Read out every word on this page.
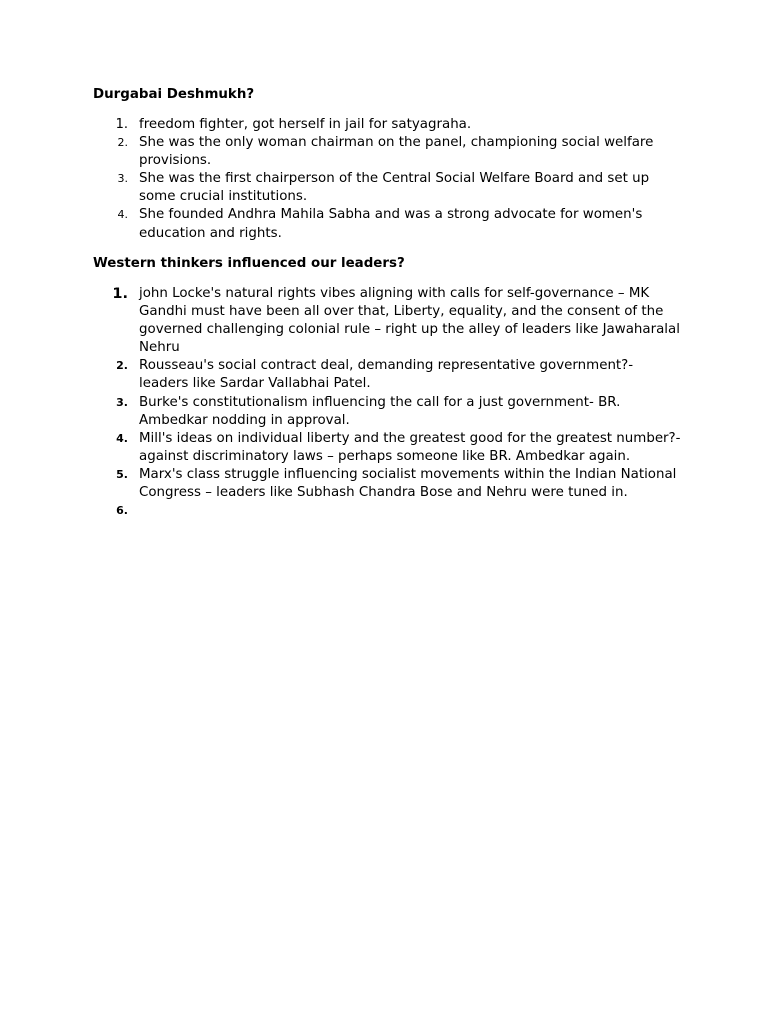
Durgabai Deshmukh?
1. freedom fighter, got herself in jail for satyagraha.
2. She was the only woman chairman on the panel, championing social welfare provisions.
3. She was the first chairperson of the Central Social Welfare Board and set up some crucial institutions.
4. She founded Andhra Mahila Sabha and was a strong advocate for women's education and rights.
Western thinkers influenced our leaders?
1. john Locke's natural rights vibes aligning with calls for self-governance – MK Gandhi must have been all over that, Liberty, equality, and the consent of the governed challenging colonial rule – right up the alley of leaders like Jawaharalal Nehru
2. Rousseau's social contract deal, demanding representative government?- leaders like Sardar Vallabhai Patel.
3. Burke's constitutionalism influencing the call for a just government- BR. Ambedkar nodding in approval.
4. Mill's ideas on individual liberty and the greatest good for the greatest number?- against discriminatory laws – perhaps someone like BR. Ambedkar again.
5. Marx's class struggle influencing socialist movements within the Indian National Congress – leaders like Subhash Chandra Bose and Nehru were tuned in.
6.
